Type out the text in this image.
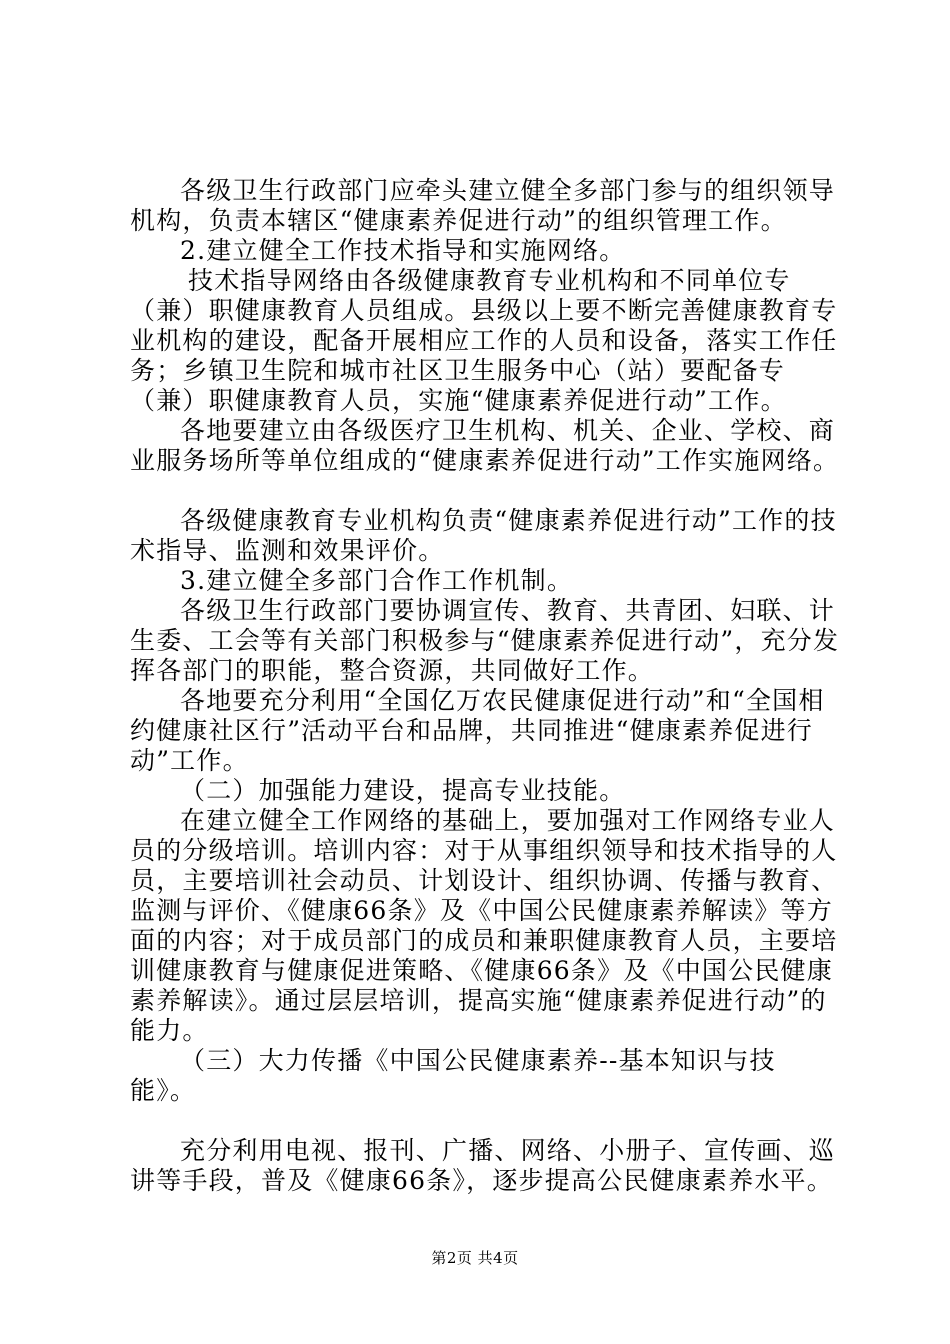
各级卫生行政部门应牵头建立健全多部门参与的组织领导机构，负责本辖区“健康素养促进行动”的组织管理工作。

2.建立健全工作技术指导和实施网络。

技术指导网络由各级健康教育专业机构和不同单位专（兼）职健康教育人员组成。县级以上要不断完善健康教育专业机构的建设，配备开展相应工作的人员和设备，落实工作任务；乡镇卫生院和城市社区卫生服务中心（站）要配备专（兼）职健康教育人员，实施“健康素养促进行动”工作。

各地要建立由各级医疗卫生机构、机关、企业、学校、商业服务场所等单位组成的“健康素养促进行动”工作实施网络。

各级健康教育专业机构负责“健康素养促进行动”工作的技术指导、监测和效果评价。

3.建立健全多部门合作工作机制。

各级卫生行政部门要协调宣传、教育、共青团、妇联、计生委、工会等有关部门积极参与“健康素养促进行动”，充分发挥各部门的职能，整合资源，共同做好工作。

各地要充分利用“全国亿万农民健康促进行动”和“全国相约健康社区行”活动平台和品牌，共同推进“健康素养促进行动”工作。

（二）加强能力建设，提高专业技能。

在建立健全工作网络的基础上，要加强对工作网络专业人员的分级培训。培训内容：对于从事组织领导和技术指导的人员，主要培训社会动员、计划设计、组织协调、传播与教育、监测与评价、《健康66条》及《中国公民健康素养解读》等方面的内容；对于成员部门的成员和兼职健康教育人员，主要培训健康教育与健康促进策略、《健康66条》及《中国公民健康素养解读》。通过层层培训，提高实施“健康素养促进行动”的能力。

（三）大力传播《中国公民健康素养--基本知识与技能》。

充分利用电视、报刊、广播、网络、小册子、宣传画、巡讲等手段，普及《健康66条》，逐步提高公民健康素养水平。

第2页 共4页
